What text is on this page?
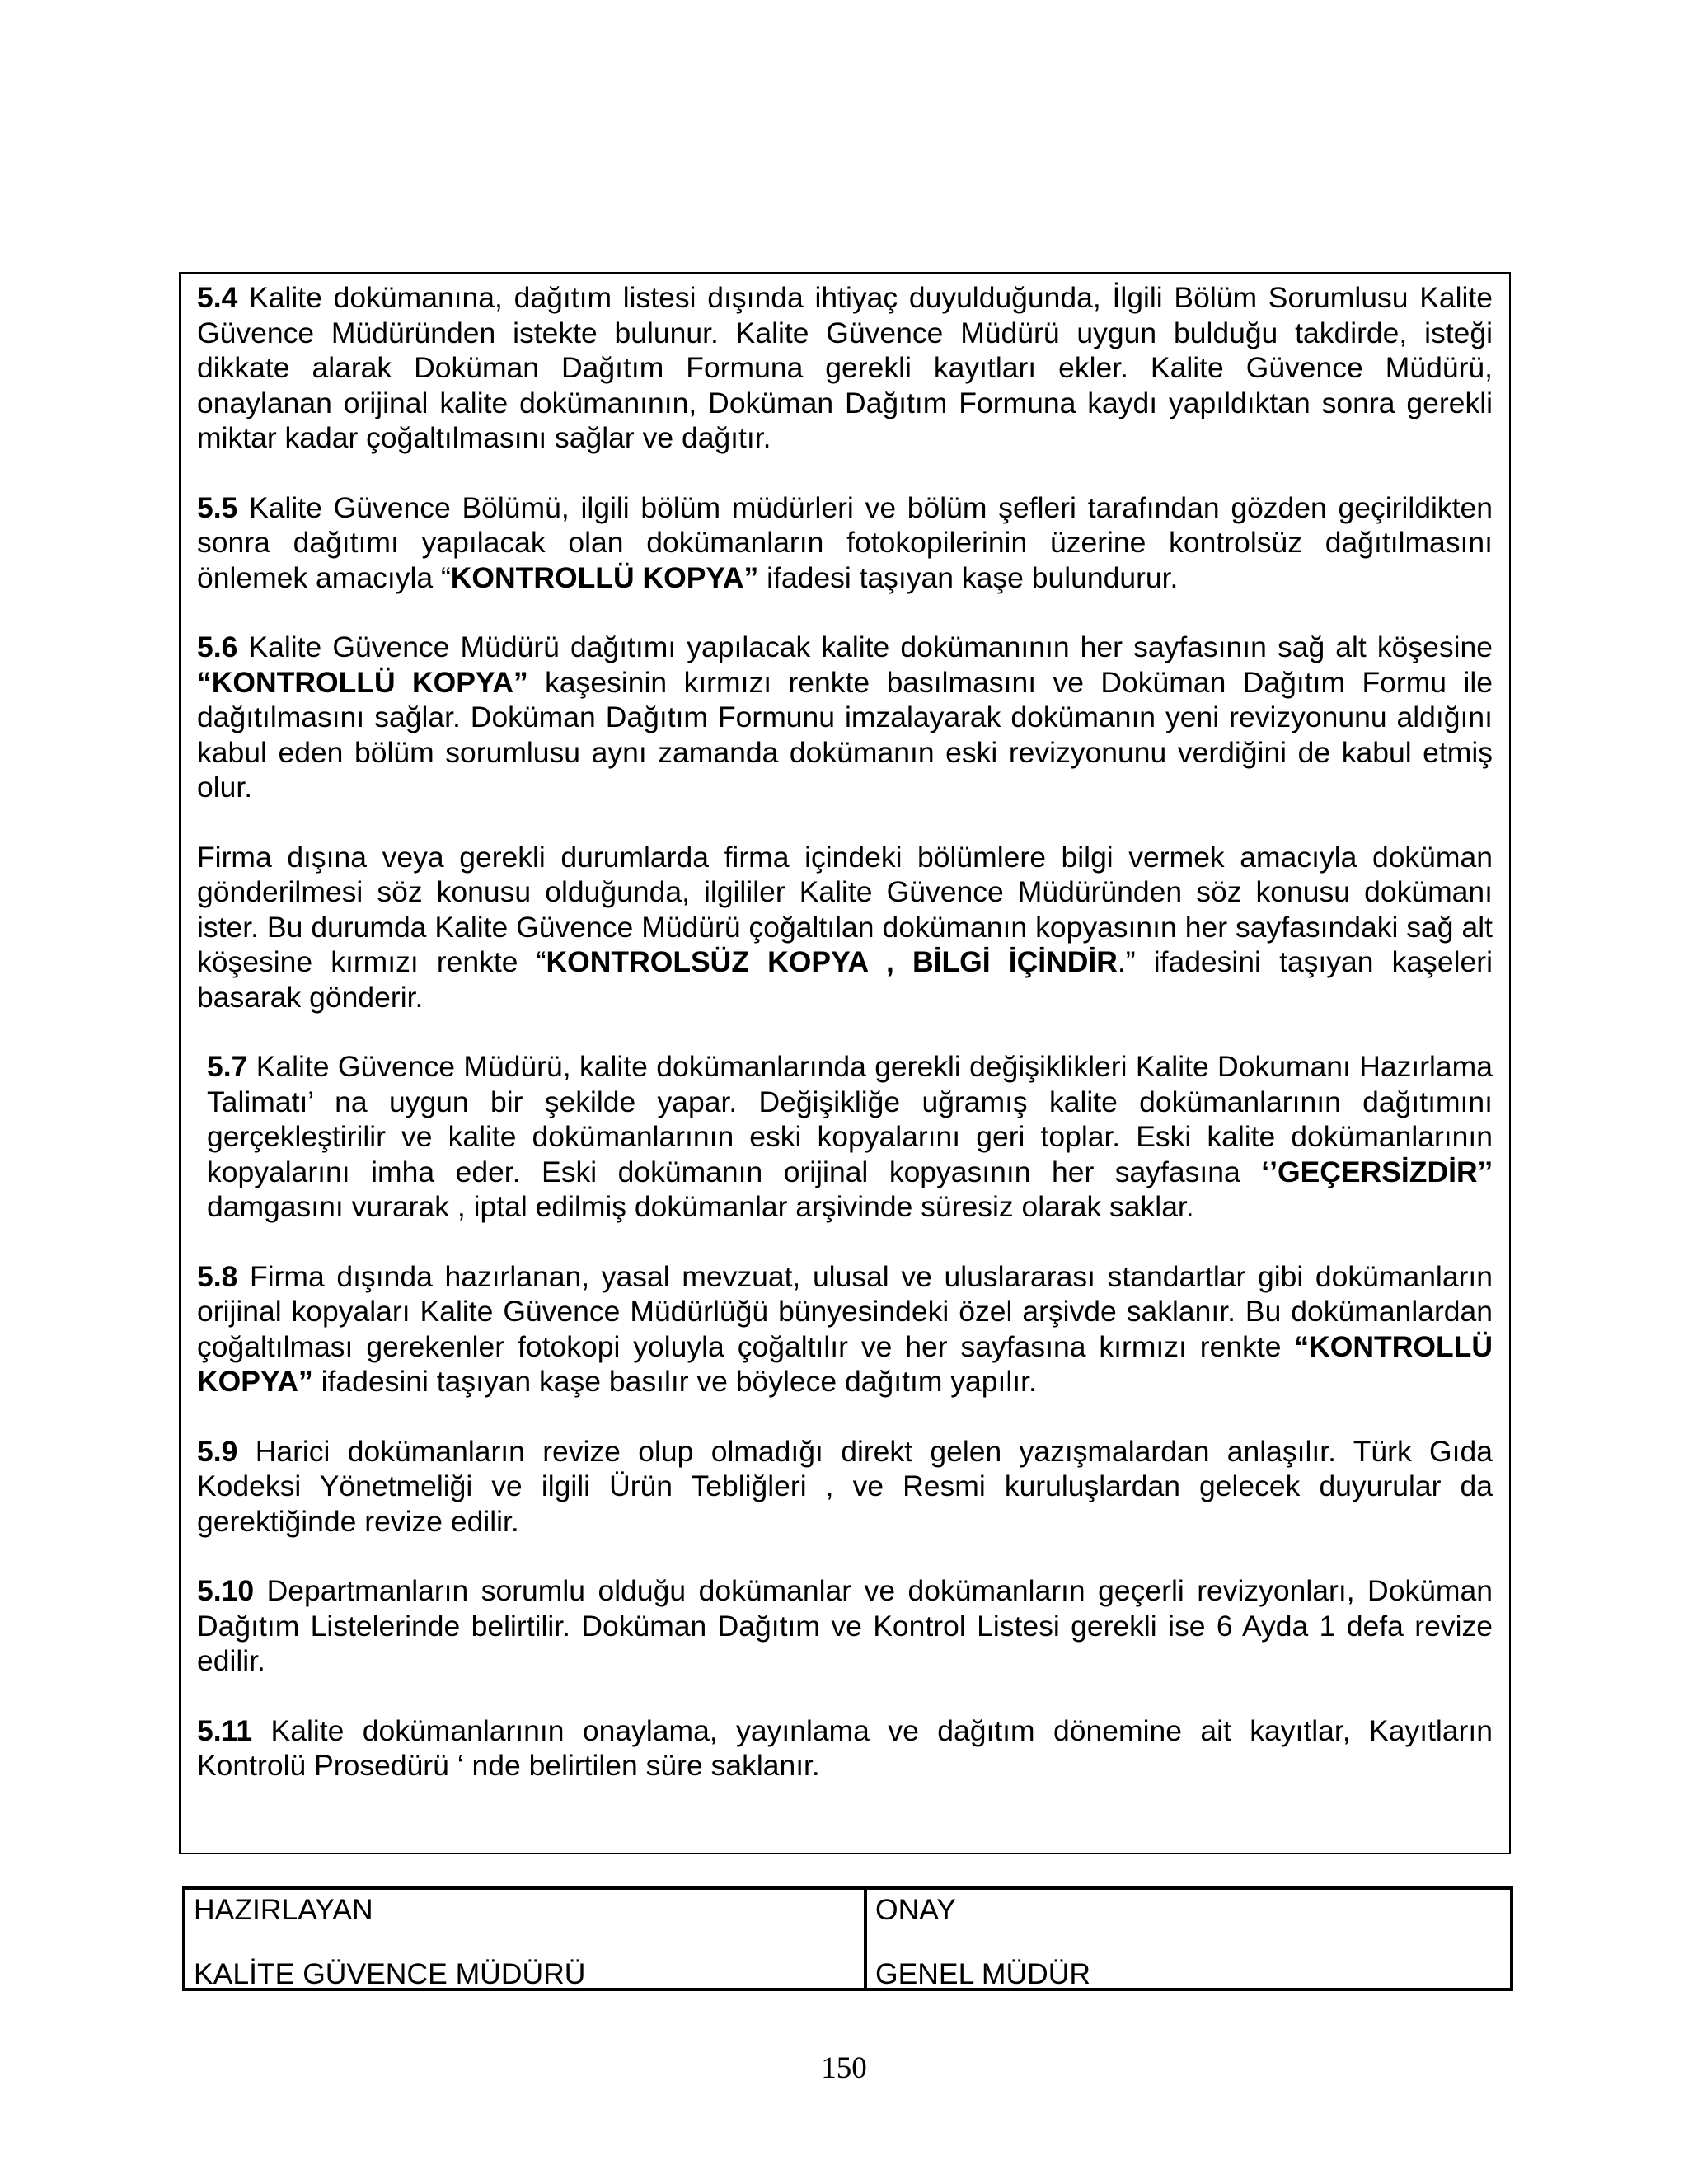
5.4 Kalite dokümanına, dağıtım listesi dışında ihtiyaç duyulduğunda, İlgili Bölüm Sorumlusu Kalite Güvence Müdüründen istekte bulunur. Kalite Güvence Müdürü uygun bulduğu takdirde, isteği dikkate alarak Doküman Dağıtım Formuna gerekli kayıtları ekler. Kalite Güvence Müdürü, onaylanan orijinal kalite dokümanının, Doküman Dağıtım Formuna kaydı yapıldıktan sonra gerekli miktar kadar çoğaltılmasını sağlar ve dağıtır.

5.5 Kalite Güvence Bölümü, ilgili bölüm müdürleri ve bölüm şefleri tarafından gözden geçirildikten sonra dağıtımı yapılacak olan dokümanların fotokopilerinin üzerine kontrolsüz dağıtılmasını önlemek amacıyla “KONTROLLÜ KOPYA” ifadesi taşıyan kaşe bulundurur.

5.6 Kalite Güvence Müdürü dağıtımı yapılacak kalite dokümanının her sayfasının sağ alt köşesine “KONTROLLÜ KOPYA” kaşesinin kırmızı renkte basılmasını ve Doküman Dağıtım Formu ile dağıtılmasını sağlar. Doküman Dağıtım Formunu imzalayarak dokümanın yeni revizyonunu aldığını kabul eden bölüm sorumlusu aynı zamanda dokümanın eski revizyonunu verdiğini de kabul etmiş olur.

Firma dışına veya gerekli durumlarda firma içindeki bölümlere bilgi vermek amacıyla doküman gönderilmesi söz konusu olduğunda, ilgililer Kalite Güvence Müdüründen söz konusu dokümanı ister. Bu durumda Kalite Güvence Müdürü çoğaltılan dokümanın kopyasının her sayfasındaki sağ alt köşesine kırmızı renkte “KONTROLSÜZ KOPYA , BİLGİ İÇİNDİR.” ifadesini taşıyan kaşeleri basarak gönderir.

5.7 Kalite Güvence Müdürü, kalite dokümanlarında gerekli değişiklikleri Kalite Dokumanı Hazırlama Talimatı’ na uygun bir şekilde yapar. Değişikliğe uğramış kalite dokümanlarının dağıtımını gerçekleştirilir ve kalite dokümanlarının eski kopyalarını geri toplar. Eski kalite dokümanlarının kopyalarını imha eder. Eski dokümanın orijinal kopyasının her sayfasına ‘’GEÇERSİZDİR’’ damgasını vurarak , iptal edilmiş dokümanlar arşivinde süresiz olarak saklar.

5.8 Firma dışında hazırlanan, yasal mevzuat, ulusal ve uluslararası standartlar gibi dokümanların orijinal kopyaları Kalite Güvence Müdürlüğü bünyesindeki özel arşivde saklanır. Bu dokümanlardan çoğaltılması gerekenler fotokopi yoluyla çoğaltılır ve her sayfasına kırmızı renkte “KONTROLLÜ KOPYA” ifadesini taşıyan kaşe basılır ve böylece dağıtım yapılır.

5.9 Harici dokümanların revize olup olmadığı direkt gelen yazışmalardan anlaşılır. Türk Gıda Kodeksi Yönetmeliği ve ilgili Ürün Tebliğleri , ve Resmi kuruluşlardan gelecek duyurular da gerektiğinde revize edilir.

5.10 Departmanların sorumlu olduğu dokümanlar ve dokümanların geçerli revizyonları, Doküman Dağıtım Listelerinde belirtilir. Doküman Dağıtım ve Kontrol Listesi gerekli ise 6 Ayda 1 defa revize edilir.

5.11 Kalite dokümanlarının onaylama, yayınlama ve dağıtım dönemine ait kayıtlar, Kayıtların Kontrolü Prosedürü ‘ nde belirtilen süre saklanır.

HAZIRLAYAN
KALİTE GÜVENCE MÜDÜRÜ
ONAY
GENEL MÜDÜR
150
